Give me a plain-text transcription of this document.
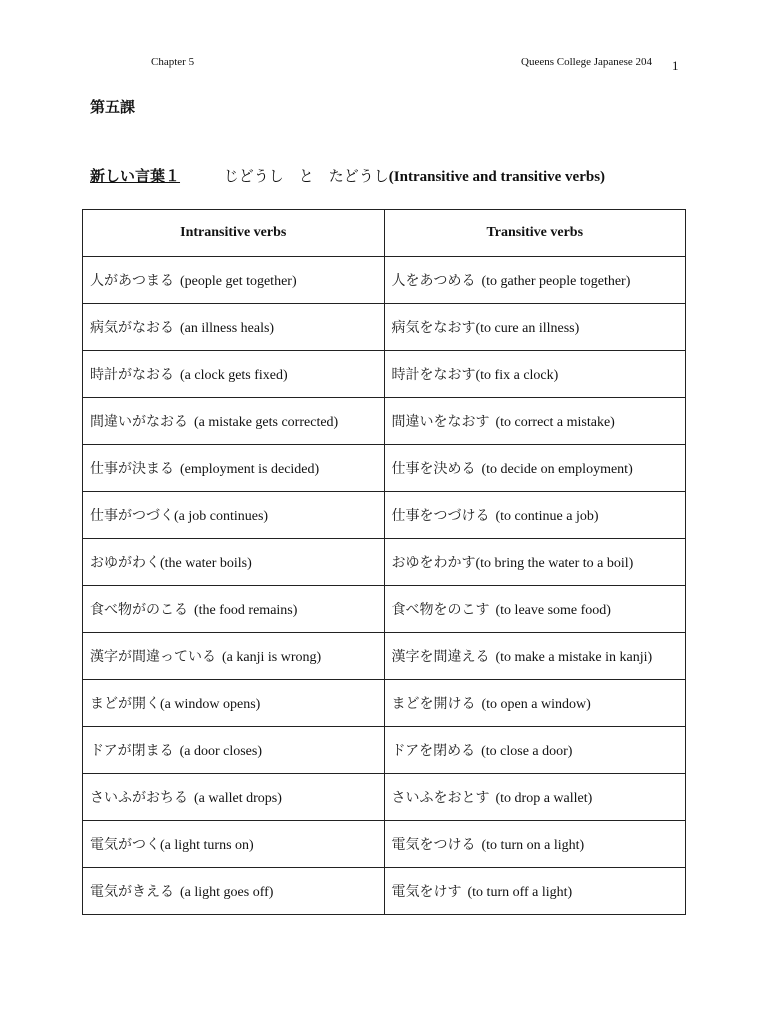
Chapter 5	Queens College Japanese 204 1
第五課
新しい言葉１	じどうし　と　たどうし(Intransitive and transitive verbs)
Intransitive verbs	Transitive verbs
人があつまる (people get together)	人をあつめる (to gather people together)
病気がなおる (an illness heals)	病気をなおす(to cure an illness)
時計がなおる (a clock gets fixed)	時計をなおす(to fix a clock)
間違いがなおる (a mistake gets corrected)	間違いをなおす (to correct a mistake)
仕事が決まる (employment is decided)	仕事を決める (to decide on employment)
仕事がつづく(a job continues)	仕事をつづける (to continue a job)
おゆがわく(the water boils)	おゆをわかす(to bring the water to a boil)
食べ物がのこる (the food remains)	食べ物をのこす (to leave some food)
漢字が間違っている (a kanji is wrong)	漢字を間違える (to make a mistake in kanji)
まどが開く(a window opens)	まどを開ける (to open a window)
ドアが閉まる (a door closes)	ドアを閉める (to close a door)
さいふがおちる (a wallet drops)	さいふをおとす (to drop a wallet)
電気がつく(a light turns on)	電気をつける (to turn on a light)
電気がきえる (a light goes off)	電気をけす (to turn off a light)
